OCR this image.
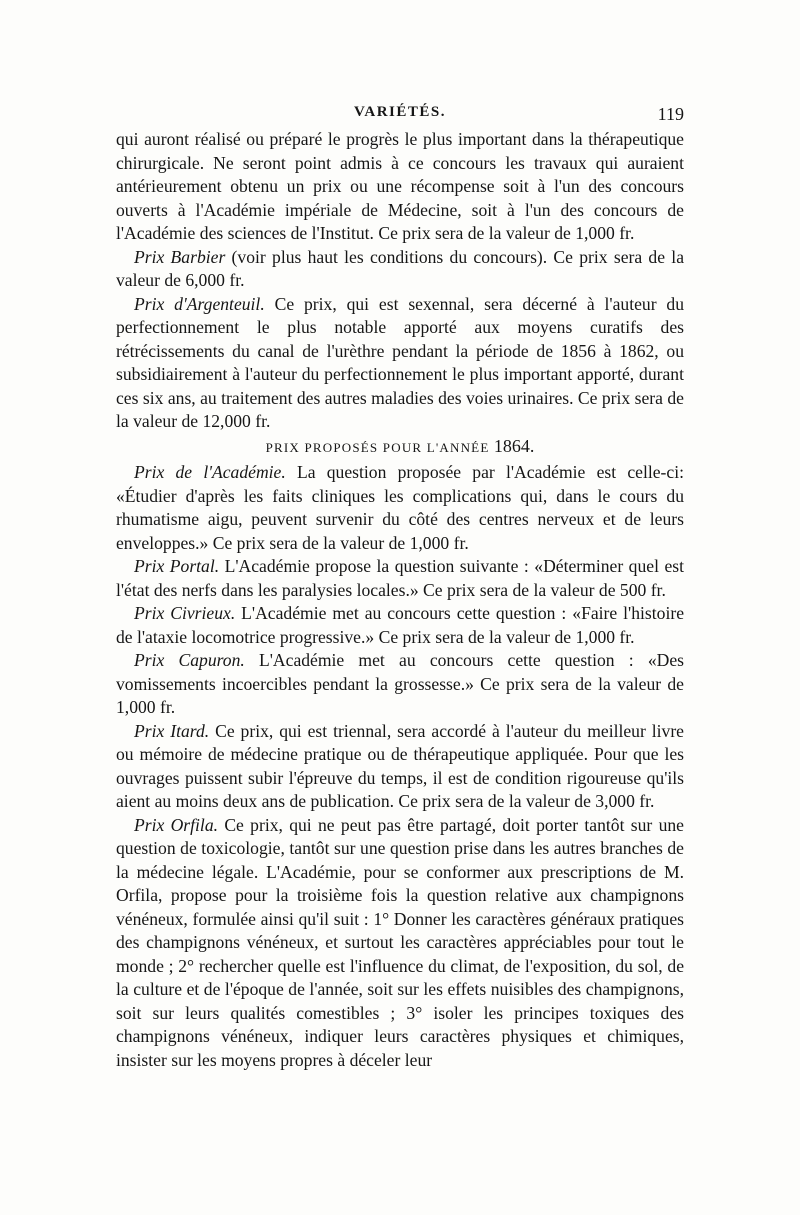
VARIÉTÉS.	119

qui auront réalisé ou préparé le progrès le plus important dans la thérapeutique chirurgicale. Ne seront point admis à ce concours les travaux qui auraient antérieurement obtenu un prix ou une récompense soit à l'un des concours ouverts à l'Académie impériale de Médecine, soit à l'un des concours de l'Académie des sciences de l'Institut. Ce prix sera de la valeur de 1,000 fr.

Prix Barbier (voir plus haut les conditions du concours). Ce prix sera de la valeur de 6,000 fr.

Prix d'Argenteuil. Ce prix, qui est sexennal, sera décerné à l'auteur du perfectionnement le plus notable apporté aux moyens curatifs des rétrécissements du canal de l'urèthre pendant la période de 1856 à 1862, ou subsidiairement à l'auteur du perfectionnement le plus important apporté, durant ces six ans, au traitement des autres maladies des voies urinaires. Ce prix sera de la valeur de 12,000 fr.

PRIX PROPOSÉS POUR L'ANNÉE 1864.

Prix de l'Académie. La question proposée par l'Académie est celle-ci: «Étudier d'après les faits cliniques les complications qui, dans le cours du rhumatisme aigu, peuvent survenir du côté des centres nerveux et de leurs enveloppes.» Ce prix sera de la valeur de 1,000 fr.

Prix Portal. L'Académie propose la question suivante : «Déterminer quel est l'état des nerfs dans les paralysies locales.» Ce prix sera de la valeur de 500 fr.

Prix Civrieux. L'Académie met au concours cette question : «Faire l'histoire de l'ataxie locomotrice progressive.» Ce prix sera de la valeur de 1,000 fr.

Prix Capuron. L'Académie met au concours cette question : «Des vomissements incoercibles pendant la grossesse.» Ce prix sera de la valeur de 1,000 fr.

Prix Itard. Ce prix, qui est triennal, sera accordé à l'auteur du meilleur livre ou mémoire de médecine pratique ou de thérapeutique appliquée. Pour que les ouvrages puissent subir l'épreuve du temps, il est de condition rigoureuse qu'ils aient au moins deux ans de publication. Ce prix sera de la valeur de 3,000 fr.

Prix Orfila. Ce prix, qui ne peut pas être partagé, doit porter tantôt sur une question de toxicologie, tantôt sur une question prise dans les autres branches de la médecine légale. L'Académie, pour se conformer aux prescriptions de M. Orfila, propose pour la troisième fois la question relative aux champignons vénéneux, formulée ainsi qu'il suit : 1° Donner les caractères généraux pratiques des champignons vénéneux, et surtout les caractères appréciables pour tout le monde ; 2° rechercher quelle est l'influence du climat, de l'exposition, du sol, de la culture et de l'époque de l'année, soit sur les effets nuisibles des champignons, soit sur leurs qualités comestibles ; 3° isoler les principes toxiques des champignons vénéneux, indiquer leurs caractères physiques et chimiques, insister sur les moyens propres à déceler leur
